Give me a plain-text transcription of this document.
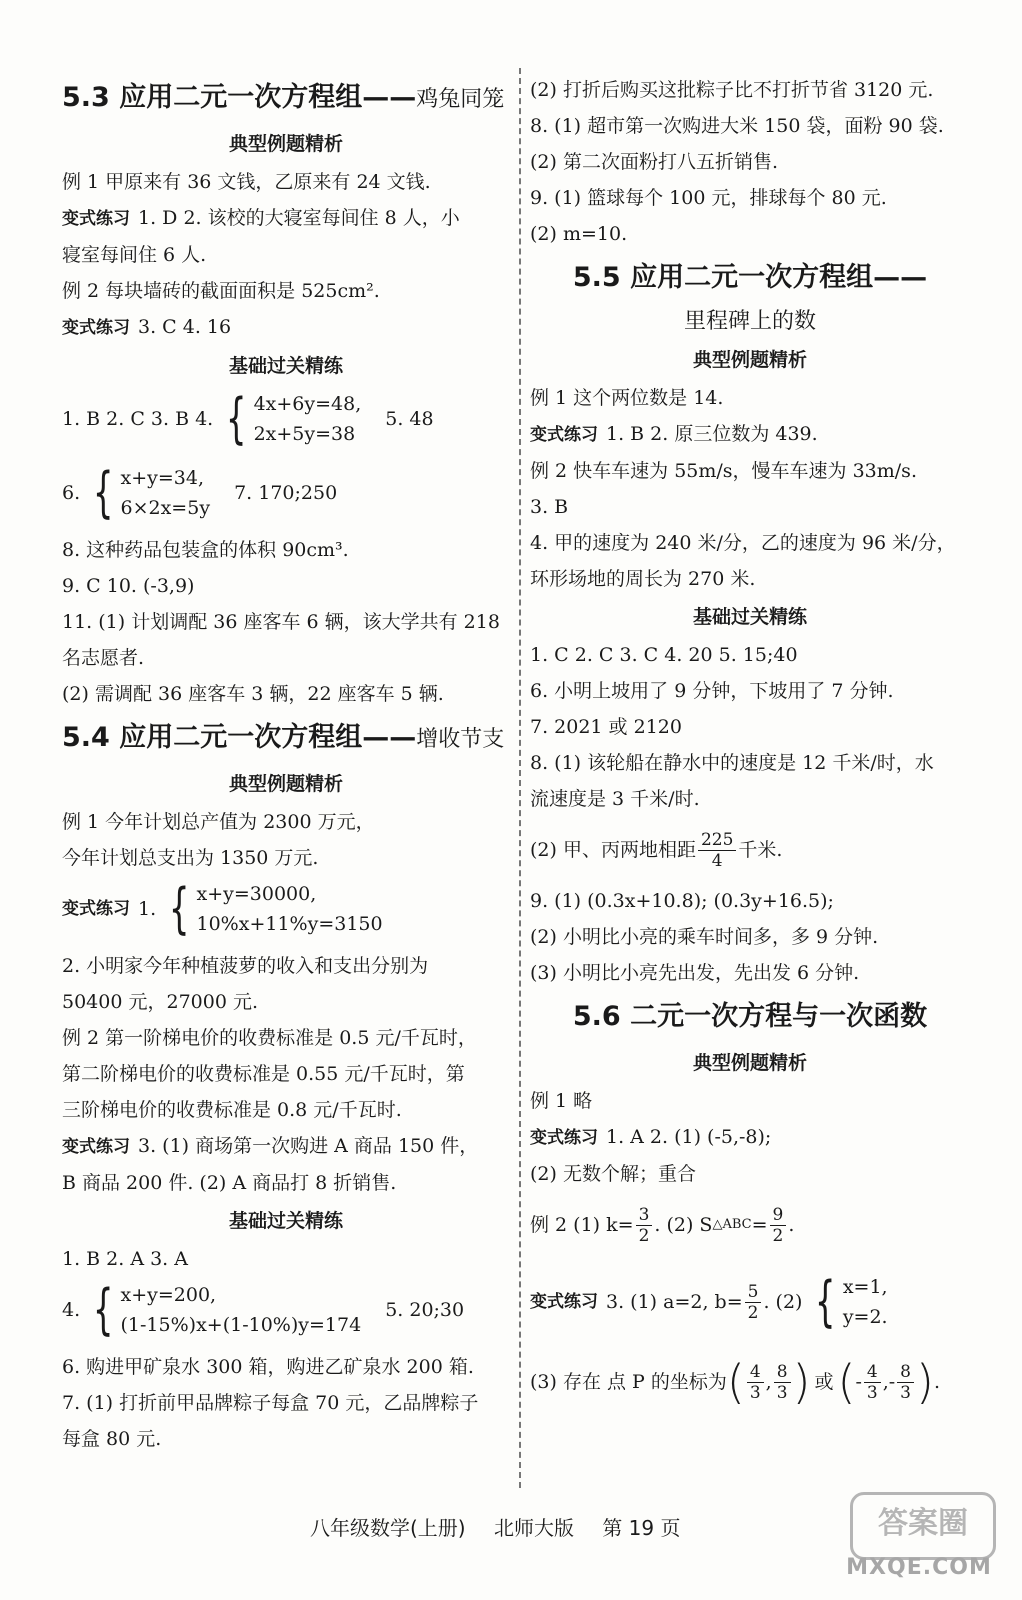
5.3 应用二元一次方程组——鸡兔同笼
典型例题精析
例 1 甲原来有 36 文钱，乙原来有 24 文钱.
变式练习 1. D 2. 该校的大寝室每间住 8 人，小
寝室每间住 6 人.
例 2 每块墙砖的截面面积是 525cm².
变式练习 3. C 4. 16
基础过关精练
1. B 2. C 3. B 4. { 4x+6y=48,
2x+5y=38
5. 48
6. { x+y=34,
6×2x=5y
7. 170;250
8. 这种药品包装盒的体积 90cm³.
9. C 10. (-3,9)
11. (1) 计划调配 36 座客车 6 辆，该大学共有 218
名志愿者.
(2) 需调配 36 座客车 3 辆，22 座客车 5 辆.
5.4 应用二元一次方程组——增收节支
典型例题精析
例 1 今年计划总产值为 2300 万元，
今年计划总支出为 1350 万元.
变式练习 1. { x+y=30000,
10%x+11%y=3150
2. 小明家今年种植菠萝的收入和支出分别为
50400 元，27000 元.
例 2 第一阶梯电价的收费标准是 0.5 元/千瓦时，
第二阶梯电价的收费标准是 0.55 元/千瓦时，第
三阶梯电价的收费标准是 0.8 元/千瓦时.
变式练习 3. (1) 商场第一次购进 A 商品 150 件，
B 商品 200 件. (2) A 商品打 8 折销售.
基础过关精练
1. B 2. A 3. A
4. { x+y=200,
(1-15%)x+(1-10%)y=174
5. 20;30
6. 购进甲矿泉水 300 箱，购进乙矿泉水 200 箱.
7. (1) 打折前甲品牌粽子每盒 70 元，乙品牌粽子
每盒 80 元.
(2) 打折后购买这批粽子比不打折节省 3120 元.
8. (1) 超市第一次购进大米 150 袋，面粉 90 袋.
(2) 第二次面粉打八五折销售.
9. (1) 篮球每个 100 元，排球每个 80 元.
(2) m=10.
5.5 应用二元一次方程组——
里程碑上的数
典型例题精析
例 1 这个两位数是 14.
变式练习 1. B 2. 原三位数为 439.
例 2 快车车速为 55m/s，慢车车速为 33m/s.
3. B
4. 甲的速度为 240 米/分，乙的速度为 96 米/分，
环形场地的周长为 270 米.
基础过关精练
1. C 2. C 3. C 4. 20 5. 15;40
6. 小明上坡用了 9 分钟，下坡用了 7 分钟.
7. 2021 或 2120
8. (1) 该轮船在静水中的速度是 12 千米/时，水
流速度是 3 千米/时.
(2) 甲、丙两地相距 $\frac{225}{4}$ 千米.
9. (1) (0.3x+10.8); (0.3y+16.5);
(2) 小明比小亮的乘车时间多，多 9 分钟.
(3) 小明比小亮先出发，先出发 6 分钟.
5.6 二元一次方程与一次函数
典型例题精析
例 1 略
变式练习 1. A 2. (1) (-5,-8);
(2) 无数个解；重合
例 2 (1) $k= \frac{3}{2}$ . (2) S △ABC = $\frac{9}{2}$ .
变式练习 3. (1) a=2, $b= \frac{5}{2}$ . (2) { x=1,
y=2.
(3) 存在 点 P 的坐标为 ( $\frac{4}{3}$ , $\frac{8}{3}$ ) 或 ( - $\frac{4}{3}$ ,- $\frac{8}{3}$ ) .
八年级数学(上册) 北师大版 第 19 页	答案圈
MXQE.COM
